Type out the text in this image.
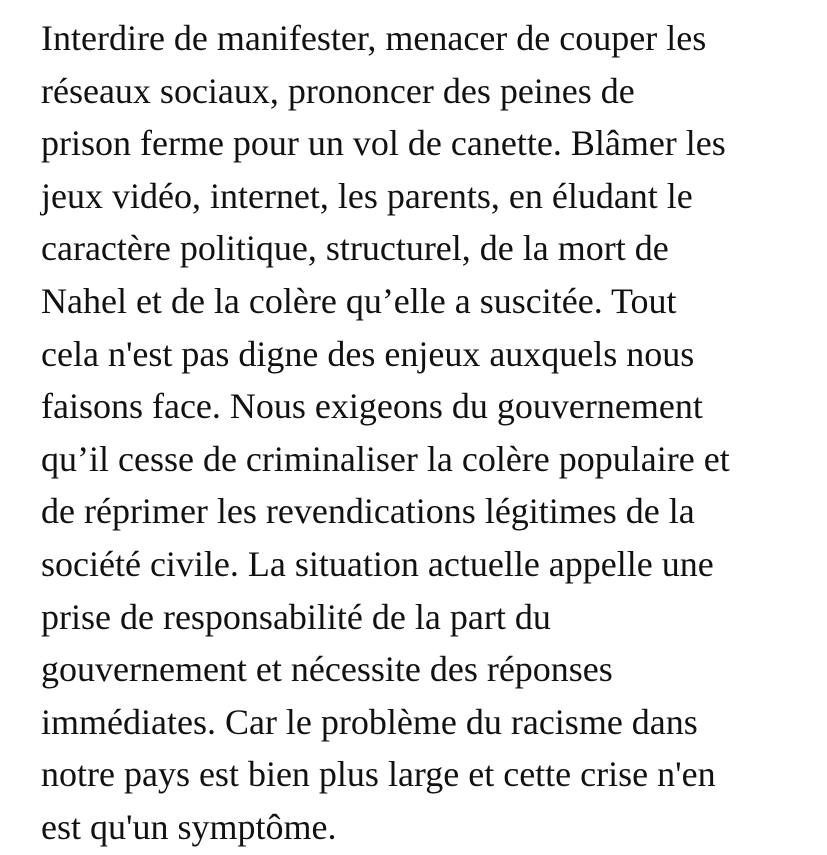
Interdire de manifester, menacer de couper les
réseaux sociaux, prononcer des peines de
prison ferme pour un vol de canette. Blâmer les
jeux vidéo, internet, les parents, en éludant le
caractère politique, structurel, de la mort de
Nahel et de la colère qu’elle a suscitée. Tout
cela n'est pas digne des enjeux auxquels nous
faisons face. Nous exigeons du gouvernement
qu’il cesse de criminaliser la colère populaire et
de réprimer les revendications légitimes de la
société civile. La situation actuelle appelle une
prise de responsabilité de la part du
gouvernement et nécessite des réponses
immédiates. Car le problème du racisme dans
notre pays est bien plus large et cette crise n'en
est qu'un symptôme.
